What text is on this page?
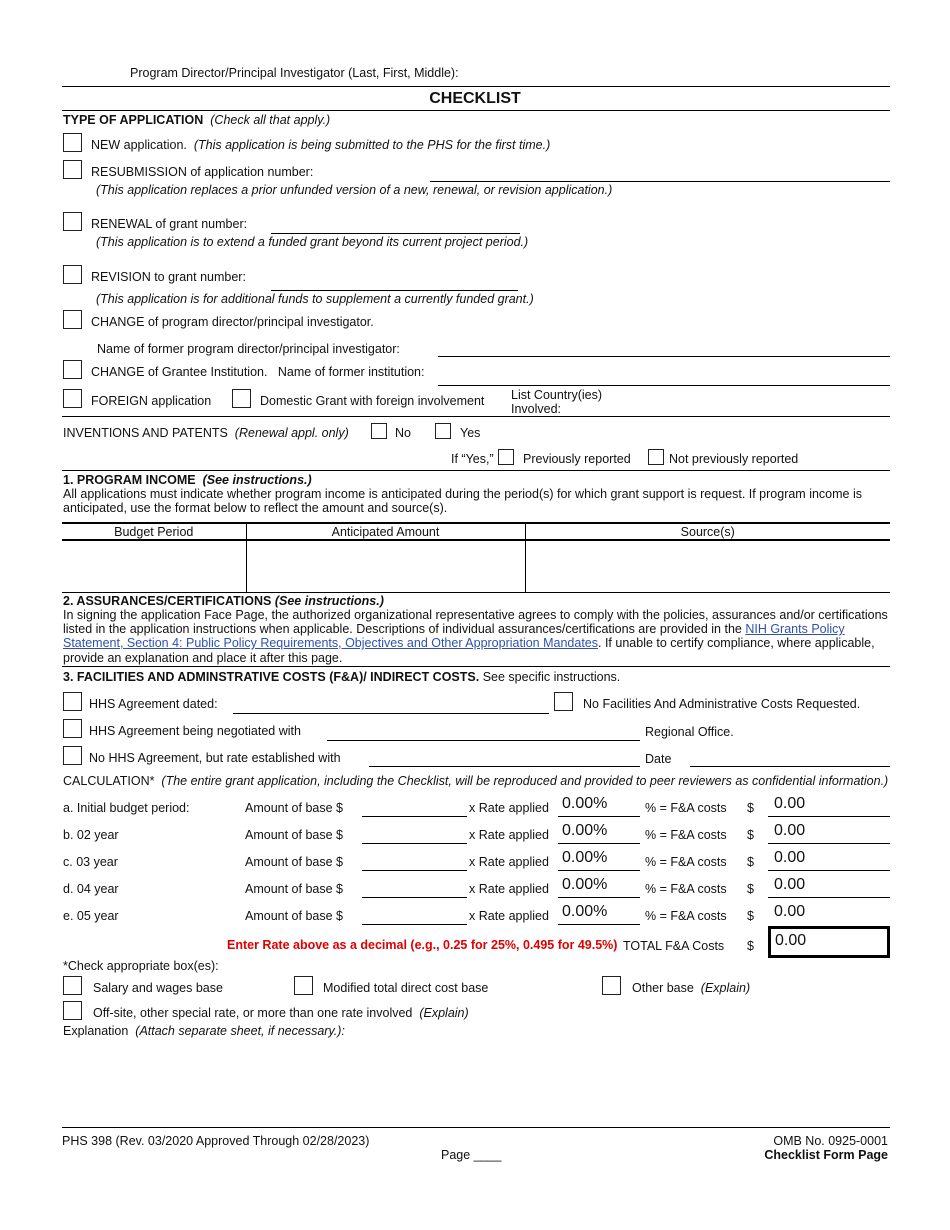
Program Director/Principal Investigator (Last, First, Middle):
CHECKLIST
TYPE OF APPLICATION (Check all that apply.)
NEW application. (This application is being submitted to the PHS for the first time.)
RESUBMISSION of application number:
(This application replaces a prior unfunded version of a new, renewal, or revision application.)
RENEWAL of grant number:
(This application is to extend a funded grant beyond its current project period.)
REVISION to grant number:
(This application is for additional funds to supplement a currently funded grant.)
CHANGE of program director/principal investigator.
Name of former program director/principal investigator:
CHANGE of Grantee Institution. Name of former institution:
FOREIGN application	Domestic Grant with foreign involvement List Country(ies)
Involved:
INVENTIONS AND PATENTS (Renewal appl. only)	No	Yes
If “Yes,” Previously reported	Not previously reported
1. PROGRAM INCOME (See instructions.)
All applications must indicate whether program income is anticipated during the period(s) for which grant support is request. If program income is
anticipated, use the format below to reflect the amount and source(s).
Budget Period	Anticipated Amount	Source(s)

2. ASSURANCES/CERTIFICATIONS (See instructions.)
In signing the application Face Page, the authorized organizational representative agrees to comply with the policies, assurances and/or certifications
listed in the application instructions when applicable. Descriptions of individual assurances/certifications are provided in the NIH Grants Policy
Statement, Section 4: Public Policy Requirements, Objectives and Other Appropriation Mandates. If unable to certify compliance, where applicable,
provide an explanation and place it after this page.
3. FACILITIES AND ADMINSTRATIVE COSTS (F&A)/ INDIRECT COSTS. See specific instructions.
HHS Agreement dated:	No Facilities And Administrative Costs Requested.
HHS Agreement being negotiated with	Regional Office.
No HHS Agreement, but rate established with	Date
CALCULATION* (The entire grant application, including the Checklist, will be reproduced and provided to peer reviewers as confidential information.)
a. Initial budget period:	Amount of base $	x Rate applied 0.00%	% = F&A costs $ 0.00
b. 02 year	Amount of base $	x Rate applied 0.00%	% = F&A costs $ 0.00
c. 03 year	Amount of base $	x Rate applied 0.00%	% = F&A costs $ 0.00
d. 04 year	Amount of base $	x Rate applied 0.00%	% = F&A costs $ 0.00
e. 05 year	Amount of base $	x Rate applied 0.00%	% = F&A costs $ 0.00
Enter Rate above as a decimal (e.g., 0.25 for 25%, 0.495 for 49.5%) TOTAL F&A Costs $ 0.00
*Check appropriate box(es):
Salary and wages base	Modified total direct cost base	Other base (Explain)
Off-site, other special rate, or more than one rate involved (Explain)
Explanation (Attach separate sheet, if necessary.):
PHS 398 (Rev. 03/2020 Approved Through 02/28/2023)
Page ____
OMB No. 0925-0001
Checklist Form Page
